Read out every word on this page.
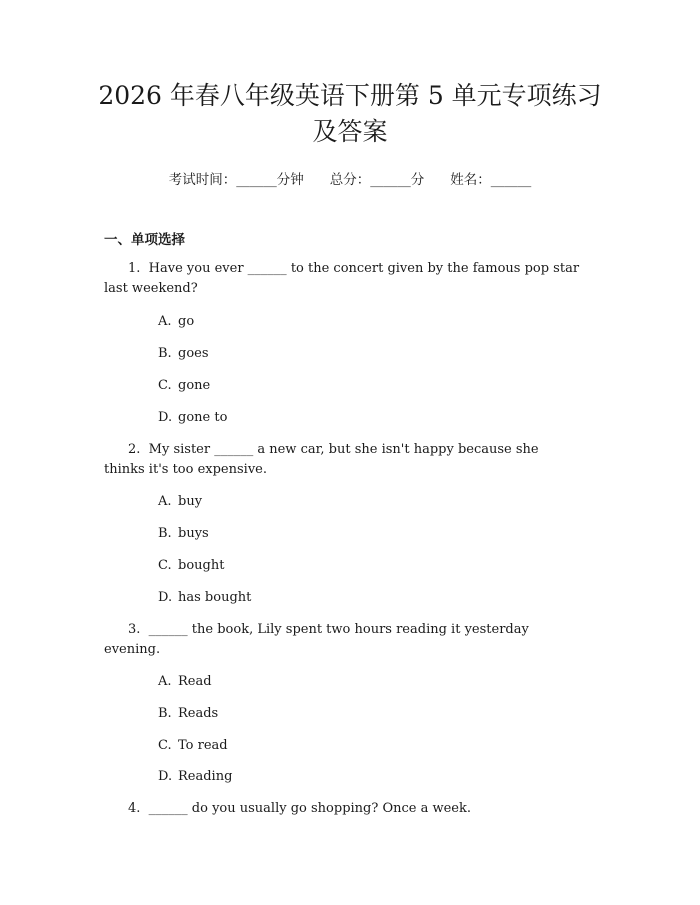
2026 年春八年级英语下册第 5 单元专项练习
及答案
考试时间：______分钟 总分：______分 姓名：______
一、单项选择
1. Have you ever ______ to the concert given by the famous pop star last weekend?
A. go
B. goes
C. gone
D. gone to
2. My sister ______ a new car, but she isn't happy because she thinks it's too expensive.
A. buy
B. buys
C. bought
D. has bought
3. ______ the book, Lily spent two hours reading it yesterday evening.
A. Read
B. Reads
C. To read
D. Reading
4. ______ do you usually go shopping? Once a week.
